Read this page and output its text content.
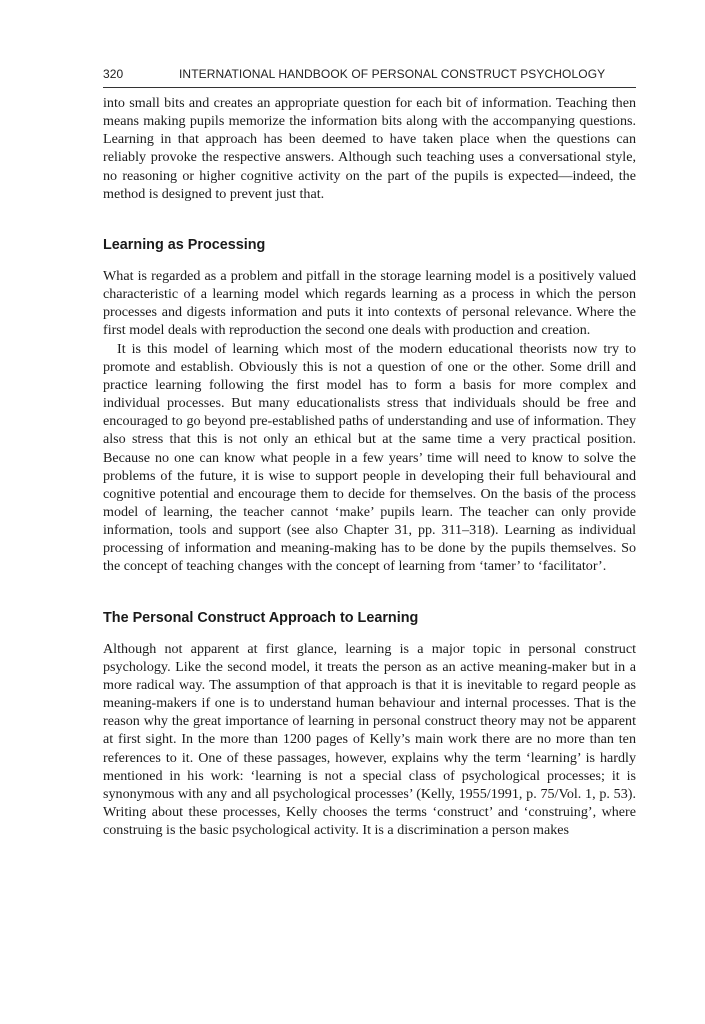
320	INTERNATIONAL HANDBOOK OF PERSONAL CONSTRUCT PSYCHOLOGY

into small bits and creates an appropriate question for each bit of information. Teaching then means making pupils memorize the information bits along with the accompanying questions. Learning in that approach has been deemed to have taken place when the questions can reliably provoke the respective answers. Although such teaching uses a conversational style, no reasoning or higher cognitive activity on the part of the pupils is expected—indeed, the method is designed to prevent just that.

Learning as Processing

What is regarded as a problem and pitfall in the storage learning model is a positively valued characteristic of a learning model which regards learning as a process in which the person processes and digests information and puts it into contexts of personal relevance. Where the first model deals with reproduction the second one deals with production and creation.

It is this model of learning which most of the modern educational theorists now try to promote and establish. Obviously this is not a question of one or the other. Some drill and practice learning following the first model has to form a basis for more complex and individual processes. But many educationalists stress that individuals should be free and encouraged to go beyond pre-established paths of understanding and use of information. They also stress that this is not only an ethical but at the same time a very practical position. Because no one can know what people in a few years’ time will need to know to solve the problems of the future, it is wise to support people in developing their full behavioural and cognitive potential and encourage them to decide for themselves. On the basis of the process model of learning, the teacher cannot ‘make’ pupils learn. The teacher can only provide information, tools and support (see also Chapter 31, pp. 311–318). Learning as individual processing of information and meaning-making has to be done by the pupils themselves. So the concept of teaching changes with the concept of learning from ‘tamer’ to ‘facilitator’.

The Personal Construct Approach to Learning

Although not apparent at first glance, learning is a major topic in personal construct psychology. Like the second model, it treats the person as an active meaning-maker but in a more radical way. The assumption of that approach is that it is inevitable to regard people as meaning-makers if one is to understand human behaviour and internal processes. That is the reason why the great importance of learning in personal construct theory may not be apparent at first sight. In the more than 1200 pages of Kelly’s main work there are no more than ten references to it. One of these passages, however, explains why the term ‘learning’ is hardly mentioned in his work: ‘learning is not a special class of psychological processes; it is synonymous with any and all psychological processes’ (Kelly, 1955/1991, p. 75/Vol. 1, p. 53). Writing about these processes, Kelly chooses the terms ‘construct’ and ‘construing’, where construing is the basic psychological activity. It is a discrimination a person makes
